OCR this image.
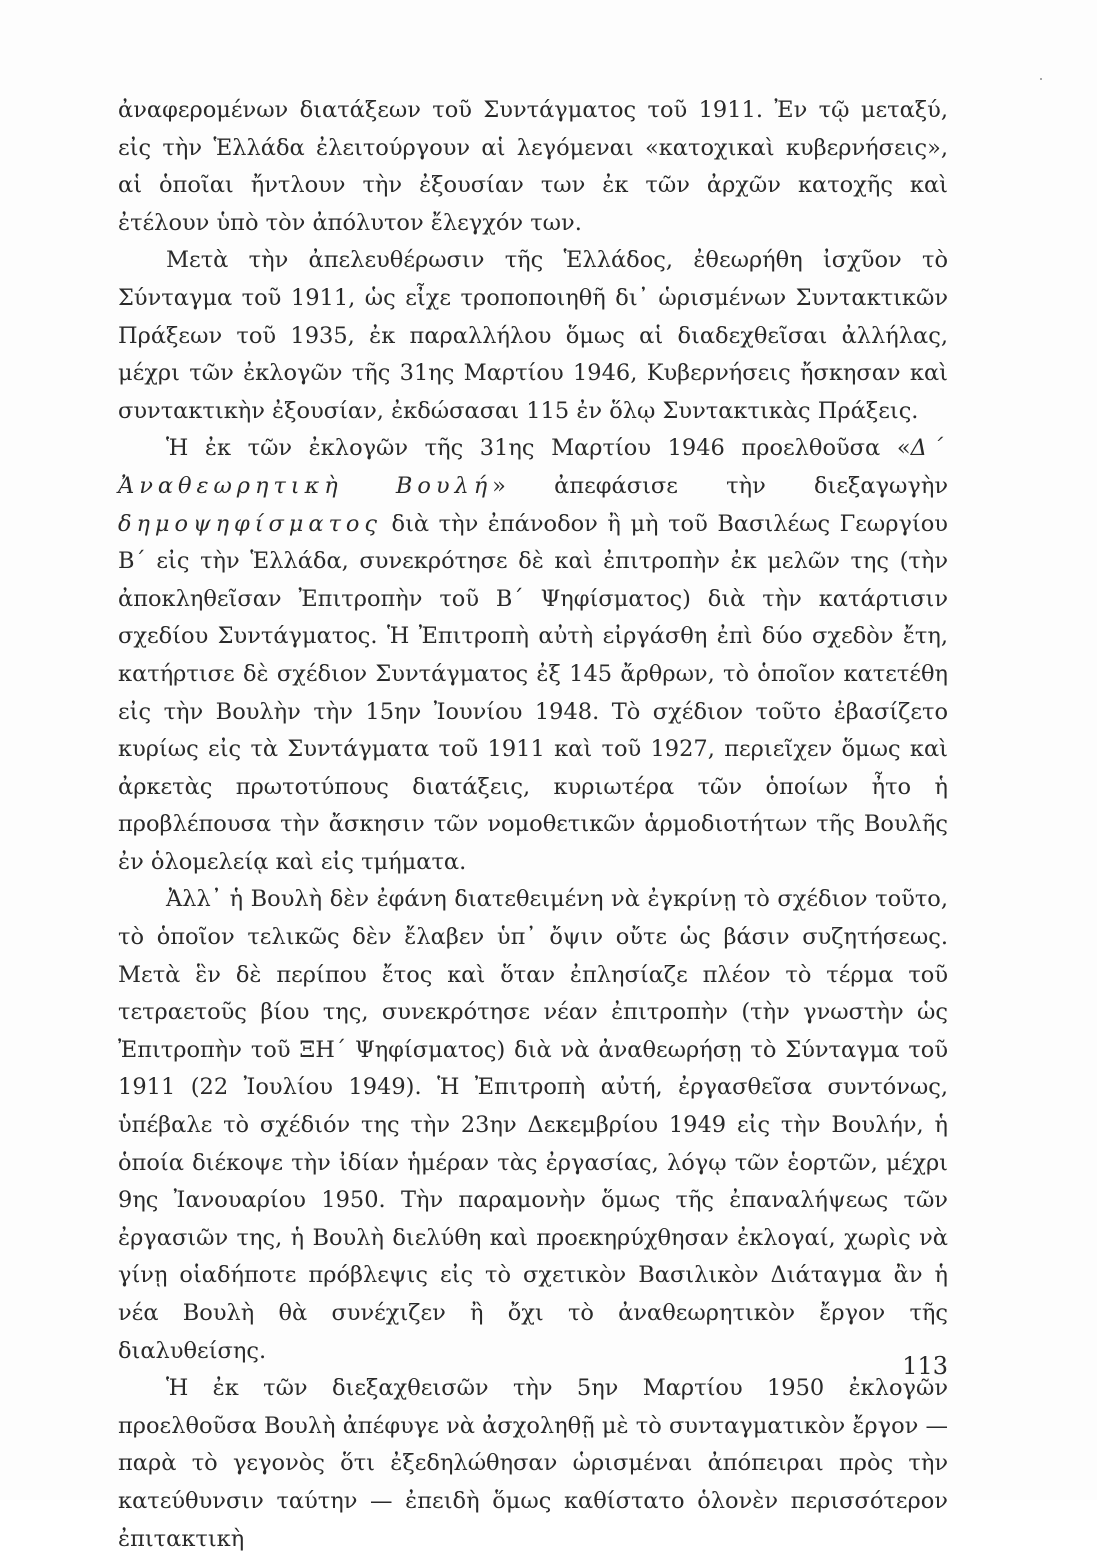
ἀναφερομένων διατάξεων τοῦ Συντάγματος τοῦ 1911. Ἐν τῷ μεταξύ, εἰς τὴν Ἑλλάδα ἐλειτούργουν αἱ λεγόμεναι «κατοχικαὶ κυβερνήσεις», αἱ ὁποῖαι ἤντλουν τὴν ἐξουσίαν των ἐκ τῶν ἀρχῶν κατοχῆς καὶ ἐτέλουν ὑπὸ τὸν ἀπόλυτον ἔλεγχόν των.

Μετὰ τὴν ἀπελευθέρωσιν τῆς Ἑλλάδος, ἐθεωρήθη ἰσχῦον τὸ Σύνταγμα τοῦ 1911, ὡς εἶχε τροποποιηθῆ δι᾽ ὡρισμένων Συντακτικῶν Πράξεων τοῦ 1935, ἐκ παραλλήλου ὅμως αἱ διαδεχθεῖσαι ἀλλήλας, μέχρι τῶν ἐκλογῶν τῆς 31ης Μαρτίου 1946, Κυβερνήσεις ἤσκησαν καὶ συντακτικὴν ἐξουσίαν, ἐκδώσασαι 115 ἐν ὅλῳ Συντακτικὰς Πράξεις.

Ἡ ἐκ τῶν ἐκλογῶν τῆς 31ης Μαρτίου 1946 προελθοῦσα «Δ΄ Ἀναθεωρητικὴ Βουλή» ἀπεφάσισε τὴν διεξαγωγὴν δημοψηφίσματος διὰ τὴν ἐπάνοδον ἢ μὴ τοῦ Βασιλέως Γεωργίου Β΄ εἰς τὴν Ἑλλάδα, συνεκρότησε δὲ καὶ ἐπιτροπὴν ἐκ μελῶν της (τὴν ἀποκληθεῖσαν Ἐπιτροπὴν τοῦ Β΄ Ψηφίσματος) διὰ τὴν κατάρτισιν σχεδίου Συντάγματος. Ἡ Ἐπιτροπὴ αὐτὴ εἰργάσθη ἐπὶ δύο σχεδὸν ἔτη, κατήρτισε δὲ σχέδιον Συντάγματος ἐξ 145 ἄρθρων, τὸ ὁποῖον κατετέθη εἰς τὴν Βουλὴν τὴν 15ην Ἰουνίου 1948. Τὸ σχέδιον τοῦτο ἐβασίζετο κυρίως εἰς τὰ Συντάγματα τοῦ 1911 καὶ τοῦ 1927, περιεῖχεν ὅμως καὶ ἀρκετὰς πρωτοτύπους διατάξεις, κυριωτέρα τῶν ὁποίων ἦτο ἡ προβλέπουσα τὴν ἄσκησιν τῶν νομοθετικῶν ἁρμοδιοτήτων τῆς Βουλῆς ἐν ὁλομελείᾳ καὶ εἰς τμήματα.

Ἀλλ᾽ ἡ Βουλὴ δὲν ἐφάνη διατεθειμένη νὰ ἐγκρίνῃ τὸ σχέδιον τοῦτο, τὸ ὁποῖον τελικῶς δὲν ἔλαβεν ὑπ᾽ ὄψιν οὔτε ὡς βάσιν συζητήσεως. Μετὰ ἓν δὲ περίπου ἔτος καὶ ὅταν ἐπλησίαζε πλέον τὸ τέρμα τοῦ τετραετοῦς βίου της, συνεκρότησε νέαν ἐπιτροπὴν (τὴν γνωστὴν ὡς Ἐπιτροπὴν τοῦ ΞΗ΄ Ψηφίσματος) διὰ νὰ ἀναθεωρήσῃ τὸ Σύνταγμα τοῦ 1911 (22 Ἰουλίου 1949). Ἡ Ἐπιτροπὴ αὐτή, ἐργασθεῖσα συντόνως, ὑπέβαλε τὸ σχέδιόν της τὴν 23ην Δεκεμβρίου 1949 εἰς τὴν Βουλήν, ἡ ὁποία διέκοψε τὴν ἰδίαν ἡμέραν τὰς ἐργασίας, λόγῳ τῶν ἑορτῶν, μέχρι 9ης Ἰανουαρίου 1950. Τὴν παραμονὴν ὅμως τῆς ἐπαναλήψεως τῶν ἐργασιῶν της, ἡ Βουλὴ διελύθη καὶ προεκηρύχθησαν ἐκλογαί, χωρὶς νὰ γίνῃ οἱαδήποτε πρόβλεψις εἰς τὸ σχετικὸν Βασιλικὸν Διάταγμα ἂν ἡ νέα Βουλὴ θὰ συνέχιζεν ἢ ὄχι τὸ ἀναθεωρητικὸν ἔργον τῆς διαλυθείσης.

Ἡ ἐκ τῶν διεξαχθεισῶν τὴν 5ην Μαρτίου 1950 ἐκλογῶν προελθοῦσα Βουλὴ ἀπέφυγε νὰ ἀσχοληθῇ μὲ τὸ συνταγματικὸν ἔργον — παρὰ τὸ γεγονὸς ὅτι ἐξεδηλώθησαν ὡρισμέναι ἀπόπειραι πρὸς τὴν κατεύθυνσιν ταύτην — ἐπειδὴ ὅμως καθίστατο ὁλονὲν περισσότερον ἐπιτακτικὴ

113
